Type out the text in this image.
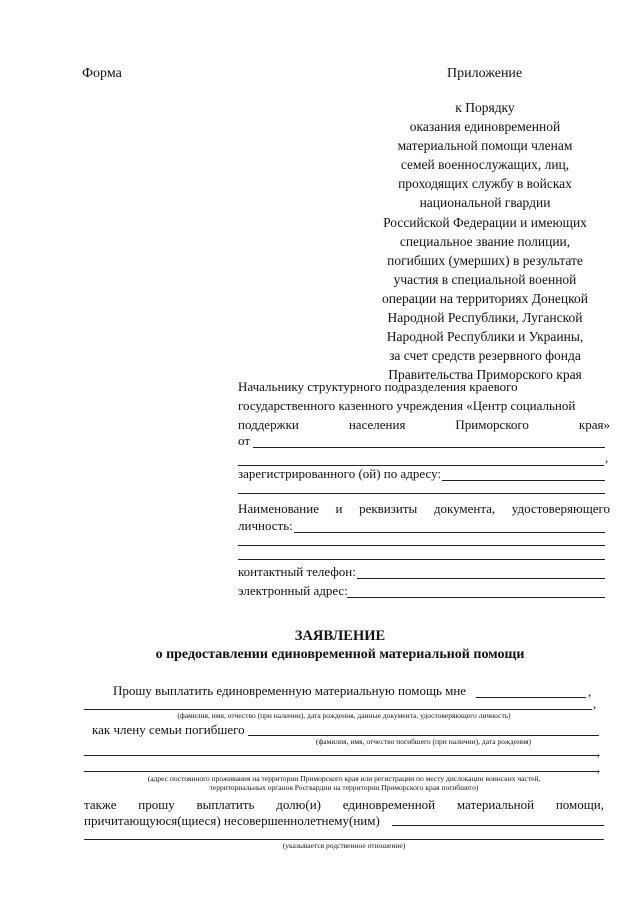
Форма	Приложение
к Порядку
оказания единовременной
материальной помощи членам
семей военнослужащих, лиц,
проходящих службу в войсках
национальной гвардии
Российской Федерации и имеющих
специальное звание полиции,
погибших (умерших) в результате
участия в специальной военной
операции на территориях Донецкой
Народной Республики, Луганской
Народной Республики и Украины,
за счет средств резервного фонда
Правительства Приморского края
Начальнику структурного подразделения краевого
государственного казенного учреждения «Центр социальной
поддержки населения Приморского края»
от
,
зарегистрированного (ой) по адресу:
Наименование и реквизиты документа, удостоверяющего
личность:
контактный телефон:
электронный адрес:
ЗАЯВЛЕНИЕ
о предоставлении единовременной материальной помощи
Прошу выплатить единовременную материальную помощь мне	,
,
(фамилия, имя, отчество (при наличии), дата рождения, данные документа, удостоверяющего личность)
как члену семьи погибшего
(фамилия, имя, отчество погибшего (при наличии), дата рождения)
,
,
(адрес постоянного проживания на территории Приморского края или регистрации по месту дислокации воинских частей,
территориальных органов Росгвардии на территории Приморского края погибшего)
также прошу выплатить долю(и) единовременной материальной помощи,
причитающуюся(щиеся) несовершеннолетнему(ним)
(указывается родственное отношение)
